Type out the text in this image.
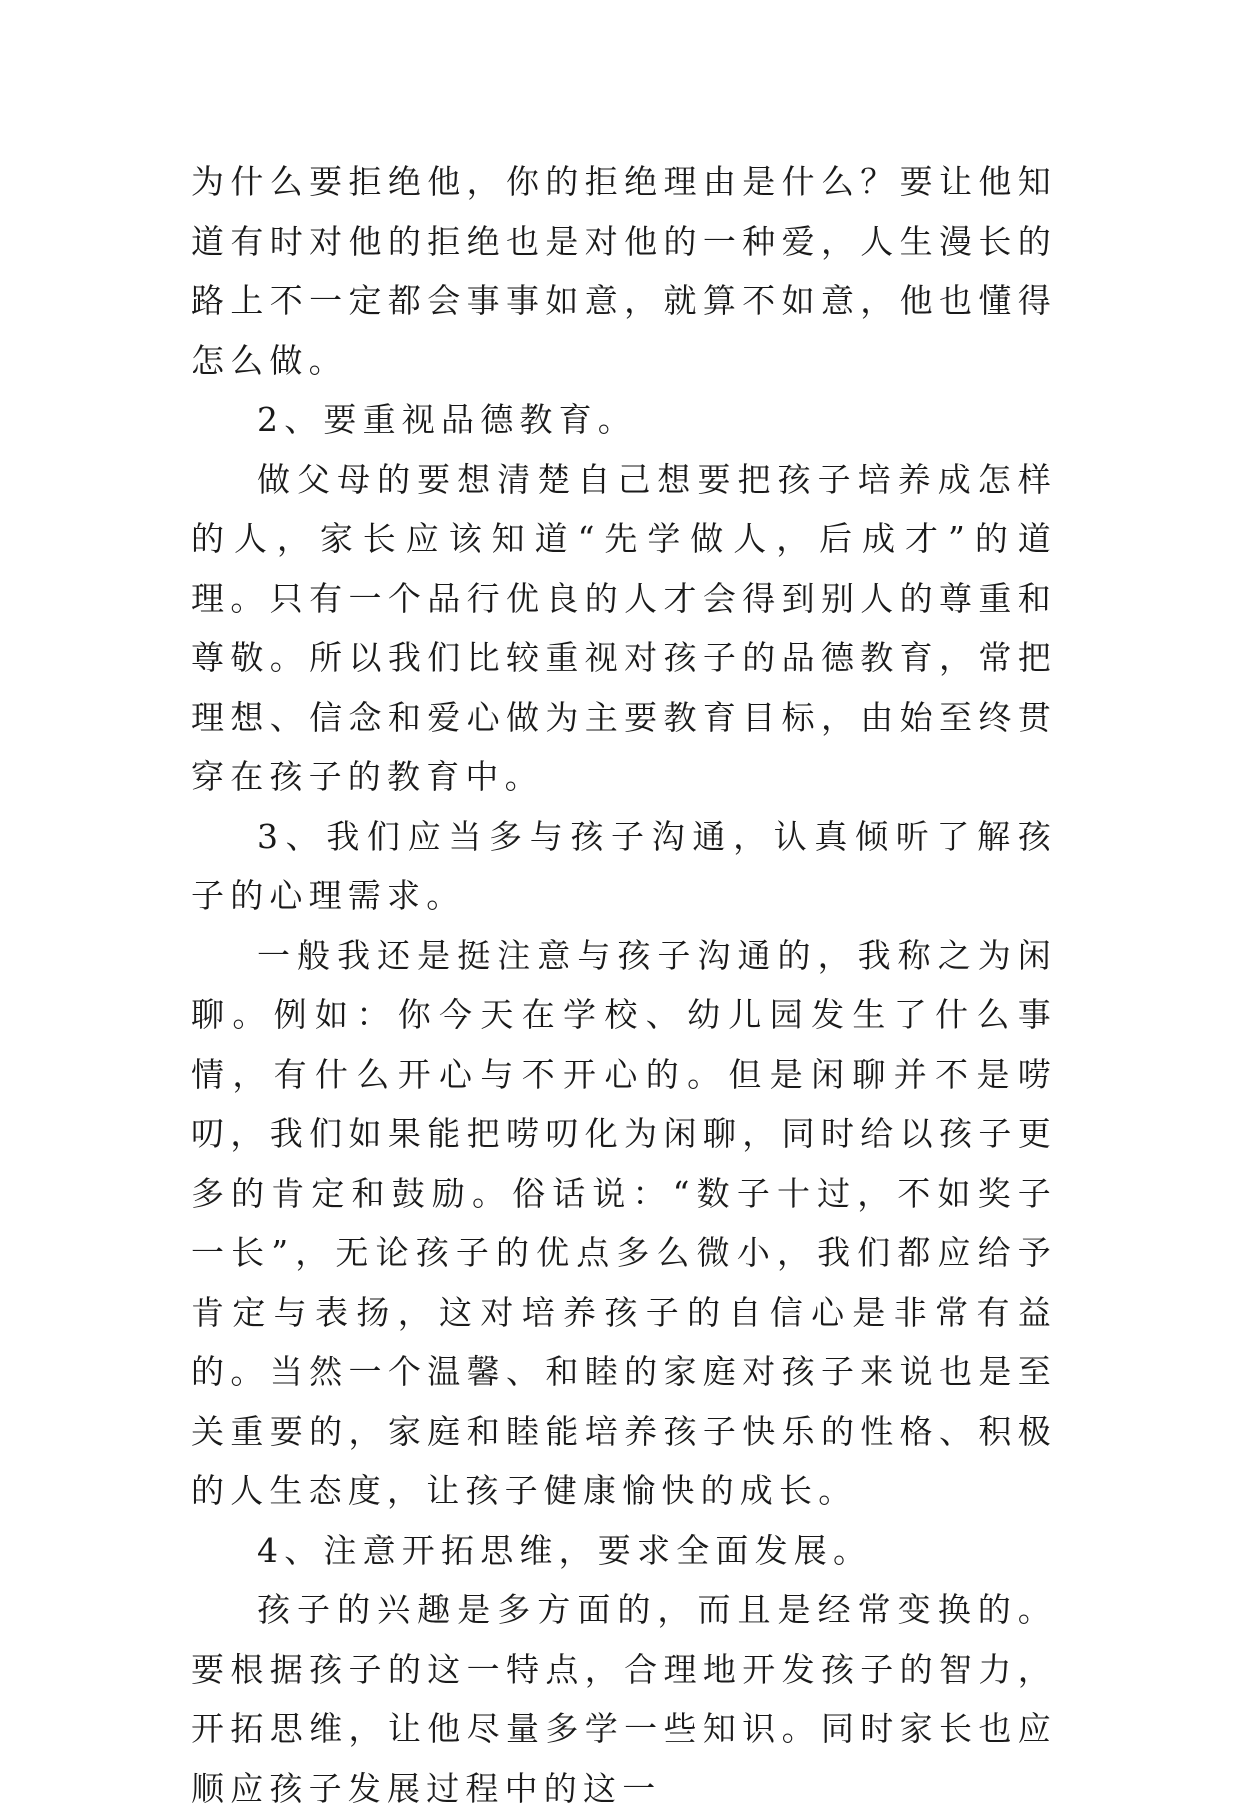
为什么要拒绝他，你的拒绝理由是什么？要让他知道有时对他的拒绝也是对他的一种爱，人生漫长的路上不一定都会事事如意，就算不如意，他也懂得怎么做。

2、要重视品德教育。

做父母的要想清楚自己想要把孩子培养成怎样的人，家长应该知道“先学做人，后成才”的道理。只有一个品行优良的人才会得到别人的尊重和尊敬。所以我们比较重视对孩子的品德教育，常把理想、信念和爱心做为主要教育目标，由始至终贯穿在孩子的教育中。

3、我们应当多与孩子沟通，认真倾听了解孩子的心理需求。

一般我还是挺注意与孩子沟通的，我称之为闲聊。例如：你今天在学校、幼儿园发生了什么事情，有什么开心与不开心的。但是闲聊并不是唠叨，我们如果能把唠叨化为闲聊，同时给以孩子更多的肯定和鼓励。俗话说：“数子十过，不如奖子一长”，无论孩子的优点多么微小，我们都应给予肯定与表扬，这对培养孩子的自信心是非常有益的。当然一个温馨、和睦的家庭对孩子来说也是至关重要的，家庭和睦能培养孩子快乐的性格、积极的人生态度，让孩子健康愉快的成长。

4、注意开拓思维，要求全面发展。

孩子的兴趣是多方面的，而且是经常变换的。要根据孩子的这一特点，合理地开发孩子的智力，开拓思维，让他尽量多学一些知识。同时家长也应顺应孩子发展过程中的这一
